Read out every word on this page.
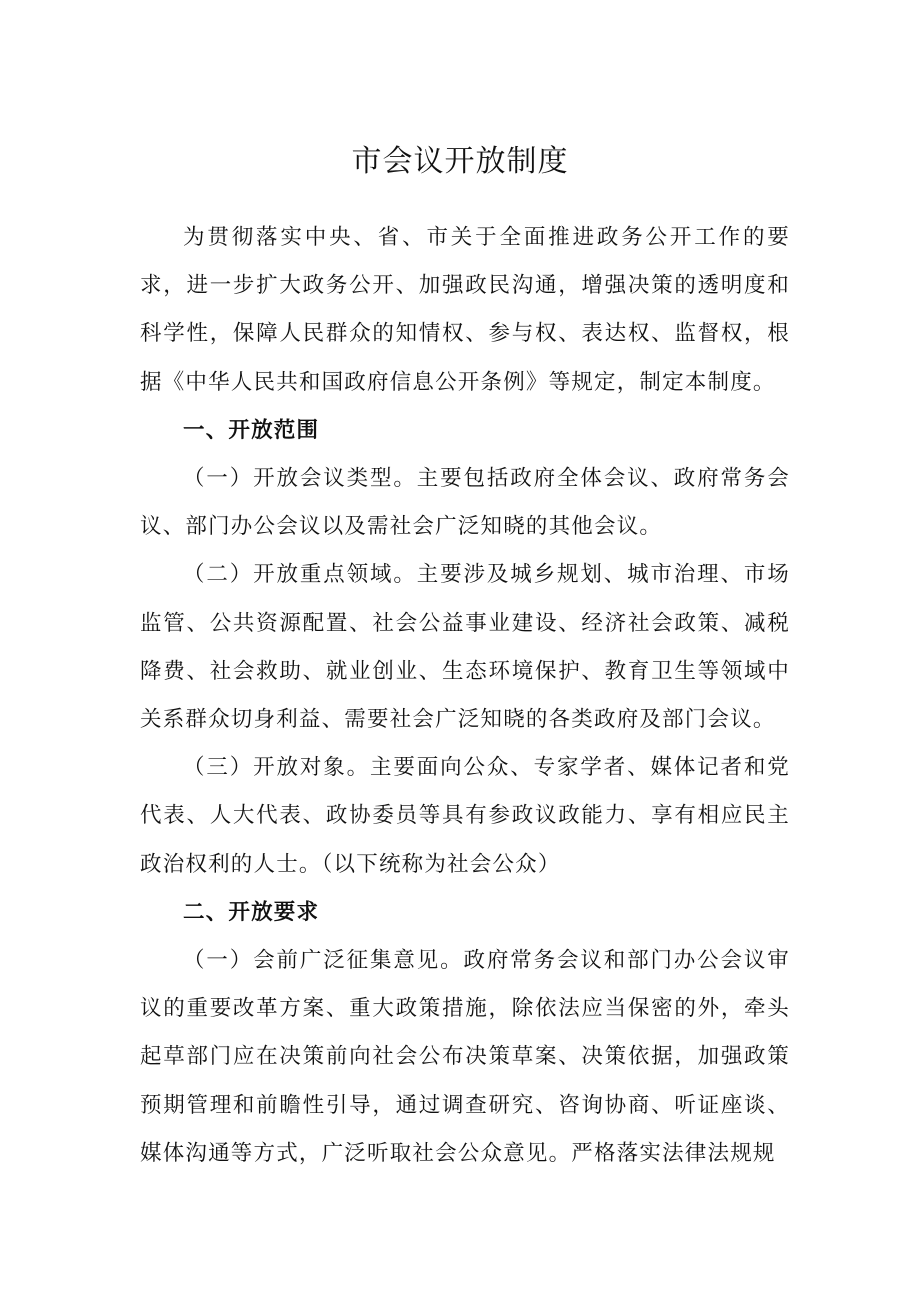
市会议开放制度

为贯彻落实中央、省、市关于全面推进政务公开工作的要求，进一步扩大政务公开、加强政民沟通，增强决策的透明度和科学性，保障人民群众的知情权、参与权、表达权、监督权，根据《中华人民共和国政府信息公开条例》等规定，制定本制度。

一、开放范围

（一）开放会议类型。主要包括政府全体会议、政府常务会议、部门办公会议以及需社会广泛知晓的其他会议。

（二）开放重点领域。主要涉及城乡规划、城市治理、市场监管、公共资源配置、社会公益事业建设、经济社会政策、减税降费、社会救助、就业创业、生态环境保护、教育卫生等领域中关系群众切身利益、需要社会广泛知晓的各类政府及部门会议。

（三）开放对象。主要面向公众、专家学者、媒体记者和党代表、人大代表、政协委员等具有参政议政能力、享有相应民主政治权利的人士。（以下统称为社会公众）

二、开放要求

（一）会前广泛征集意见。政府常务会议和部门办公会议审议的重要改革方案、重大政策措施，除依法应当保密的外，牵头起草部门应在决策前向社会公布决策草案、决策依据，加强政策预期管理和前瞻性引导，通过调查研究、咨询协商、听证座谈、媒体沟通等方式，广泛听取社会公众意见。严格落实法律法规规
